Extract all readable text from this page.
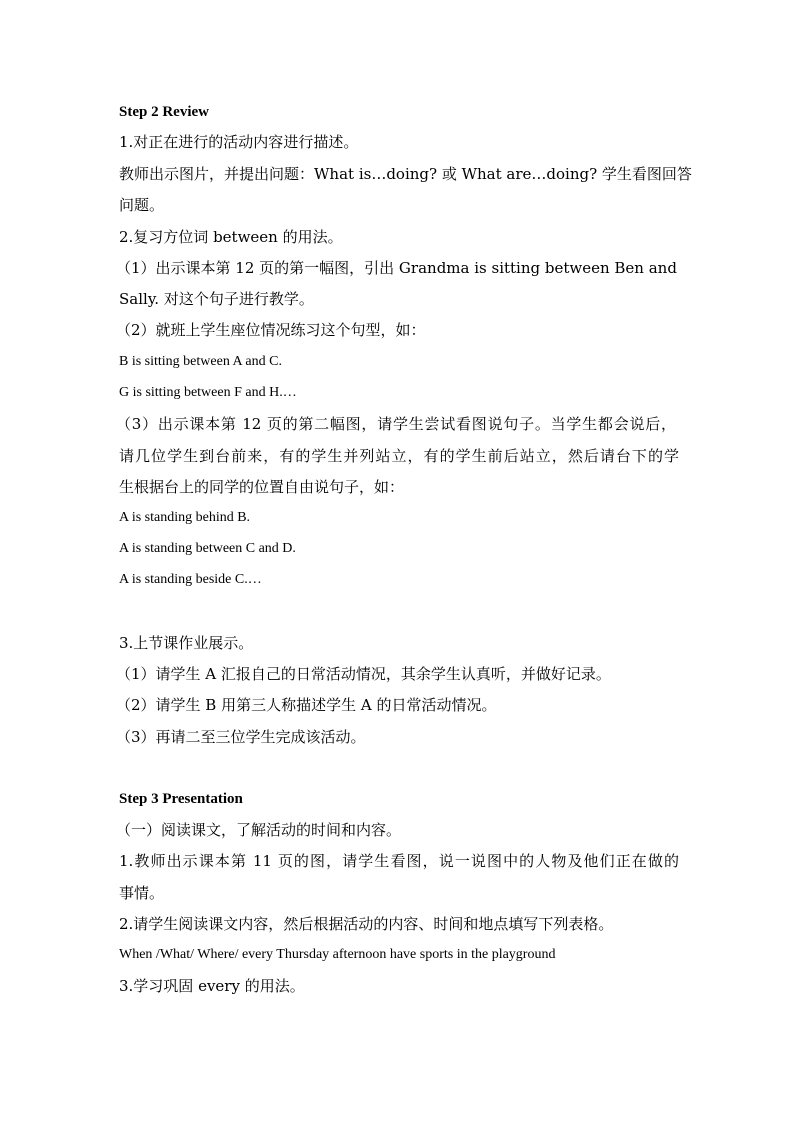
Step 2 Review
1.对正在进行的活动内容进行描述。
教师出示图片，并提出问题：What is…doing? 或 What are…doing? 学生看图回答
问题。
2.复习方位词 between 的用法。
（1）出示课本第 12 页的第一幅图，引出 Grandma is sitting between Ben and
Sally. 对这个句子进行教学。
（2）就班上学生座位情况练习这个句型，如：
B is sitting between A and C.
G is sitting between F and H.…
（3）出示课本第 12 页的第二幅图，请学生尝试看图说句子。当学生都会说后，
请几位学生到台前来，有的学生并列站立，有的学生前后站立，然后请台下的学
生根据台上的同学的位置自由说句子，如：
A is standing behind B.
A is standing between C and D.
A is standing beside C.…
3.上节课作业展示。
（1）请学生 A 汇报自己的日常活动情况，其余学生认真听，并做好记录。
（2）请学生 B 用第三人称描述学生 A 的日常活动情况。
（3）再请二至三位学生完成该活动。
Step 3 Presentation
（一）阅读课文，了解活动的时间和内容。
1.教师出示课本第 11 页的图，请学生看图，说一说图中的人物及他们正在做的
事情。
2.请学生阅读课文内容，然后根据活动的内容、时间和地点填写下列表格。
When /What/ Where/ every Thursday afternoon have sports in the playground
3.学习巩固 every 的用法。
